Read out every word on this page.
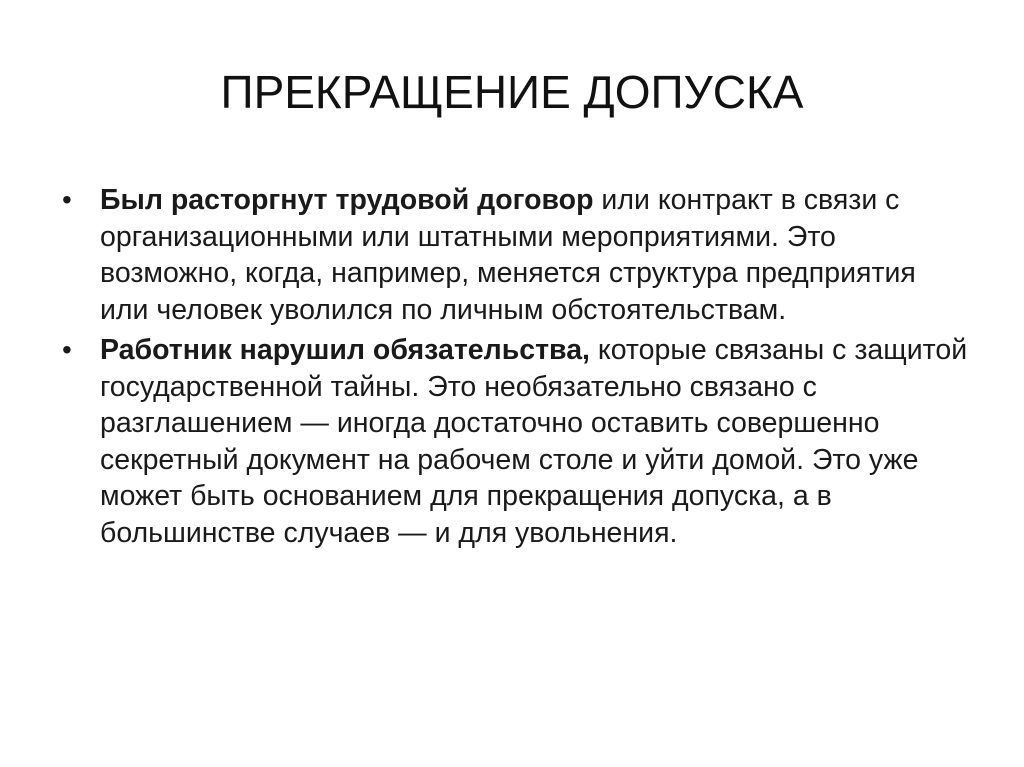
ПРЕКРАЩЕНИЕ ДОПУСКА
• Был расторгнут трудовой договор или контракт в связи с организационными или штатными мероприятиями. Это возможно, когда, например, меняется структура предприятия или человек уволился по личным обстоятельствам.
• Работник нарушил обязательства, которые связаны с защитой государственной тайны. Это необязательно связано с разглашением — иногда достаточно оставить совершенно секретный документ на рабочем столе и уйти домой. Это уже может быть основанием для прекращения допуска, а в большинстве случаев — и для увольнения.
